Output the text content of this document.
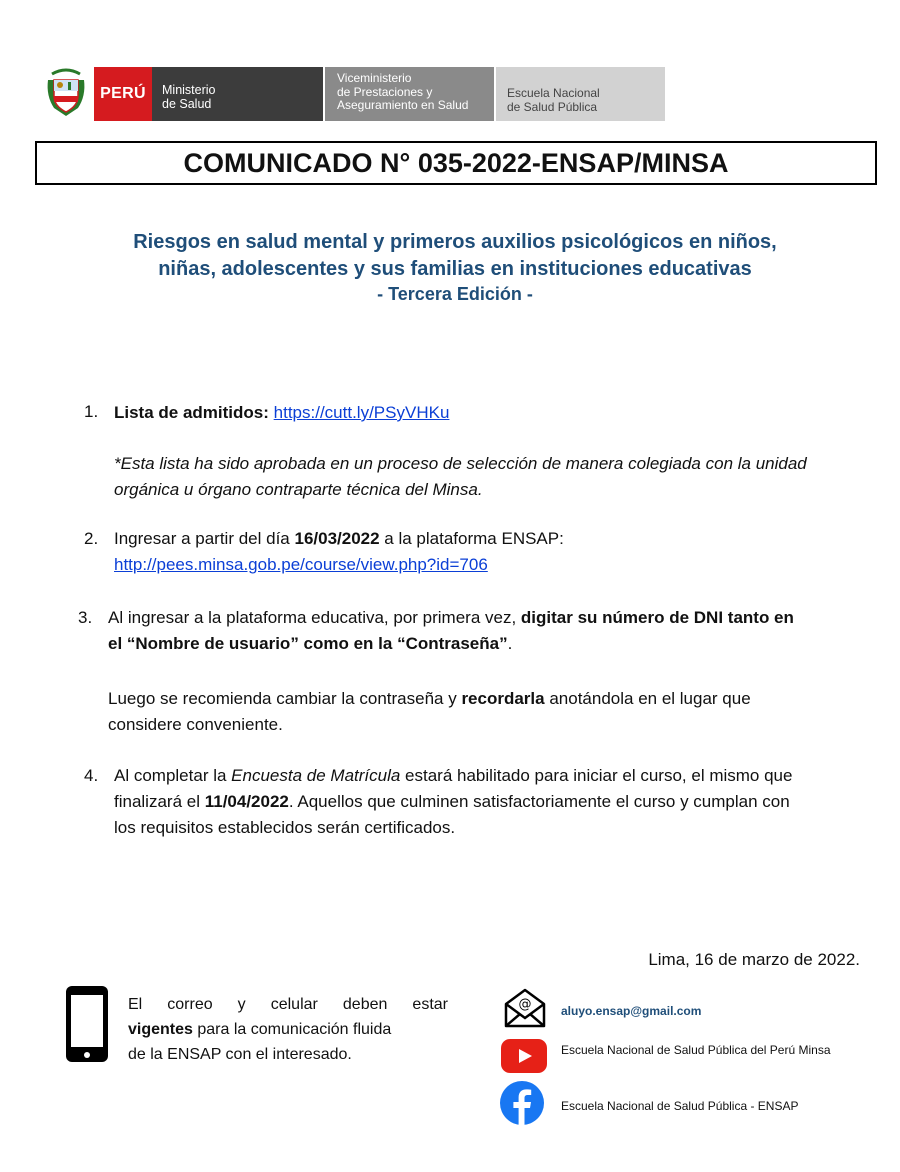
PERÚ Ministerio
de Salud
Viceministerio
de Prestaciones y
Aseguramiento en Salud
Escuela Nacional
de Salud Pública
COMUNICADO N° 035-2022-ENSAP/MINSA
Riesgos en salud mental y primeros auxilios psicológicos en niños,
niñas, adolescentes y sus familias en instituciones educativas
- Tercera Edición -
1. Lista de admitidos: https://cutt.ly/PSyVHKu
*Esta lista ha sido aprobada en un proceso de selección de manera colegiada con la unidad
orgánica u órgano contraparte técnica del Minsa.
2. Ingresar a partir del día 16/03/2022 a la plataforma ENSAP:
http://pees.minsa.gob.pe/course/view.php?id=706
3. Al ingresar a la plataforma educativa, por primera vez, digitar su número de DNI tanto en
el “Nombre de usuario” como en la “Contraseña”.
Luego se recomienda cambiar la contraseña y recordarla anotándola en el lugar que
considere conveniente.
4. Al completar la Encuesta de Matrícula estará habilitado para iniciar el curso, el mismo que
finalizará el 11/04/2022. Aquellos que culminen satisfactoriamente el curso y cumplan con
los requisitos establecidos serán certificados.
Lima, 16 de marzo de 2022.
El correo y celular deben estar
vigentes para la comunicación fluida
de la ENSAP con el interesado.
@ aluyo.ensap@gmail.com
Escuela Nacional de Salud Pública del Perú Minsa
Escuela Nacional de Salud Pública - ENSAP
